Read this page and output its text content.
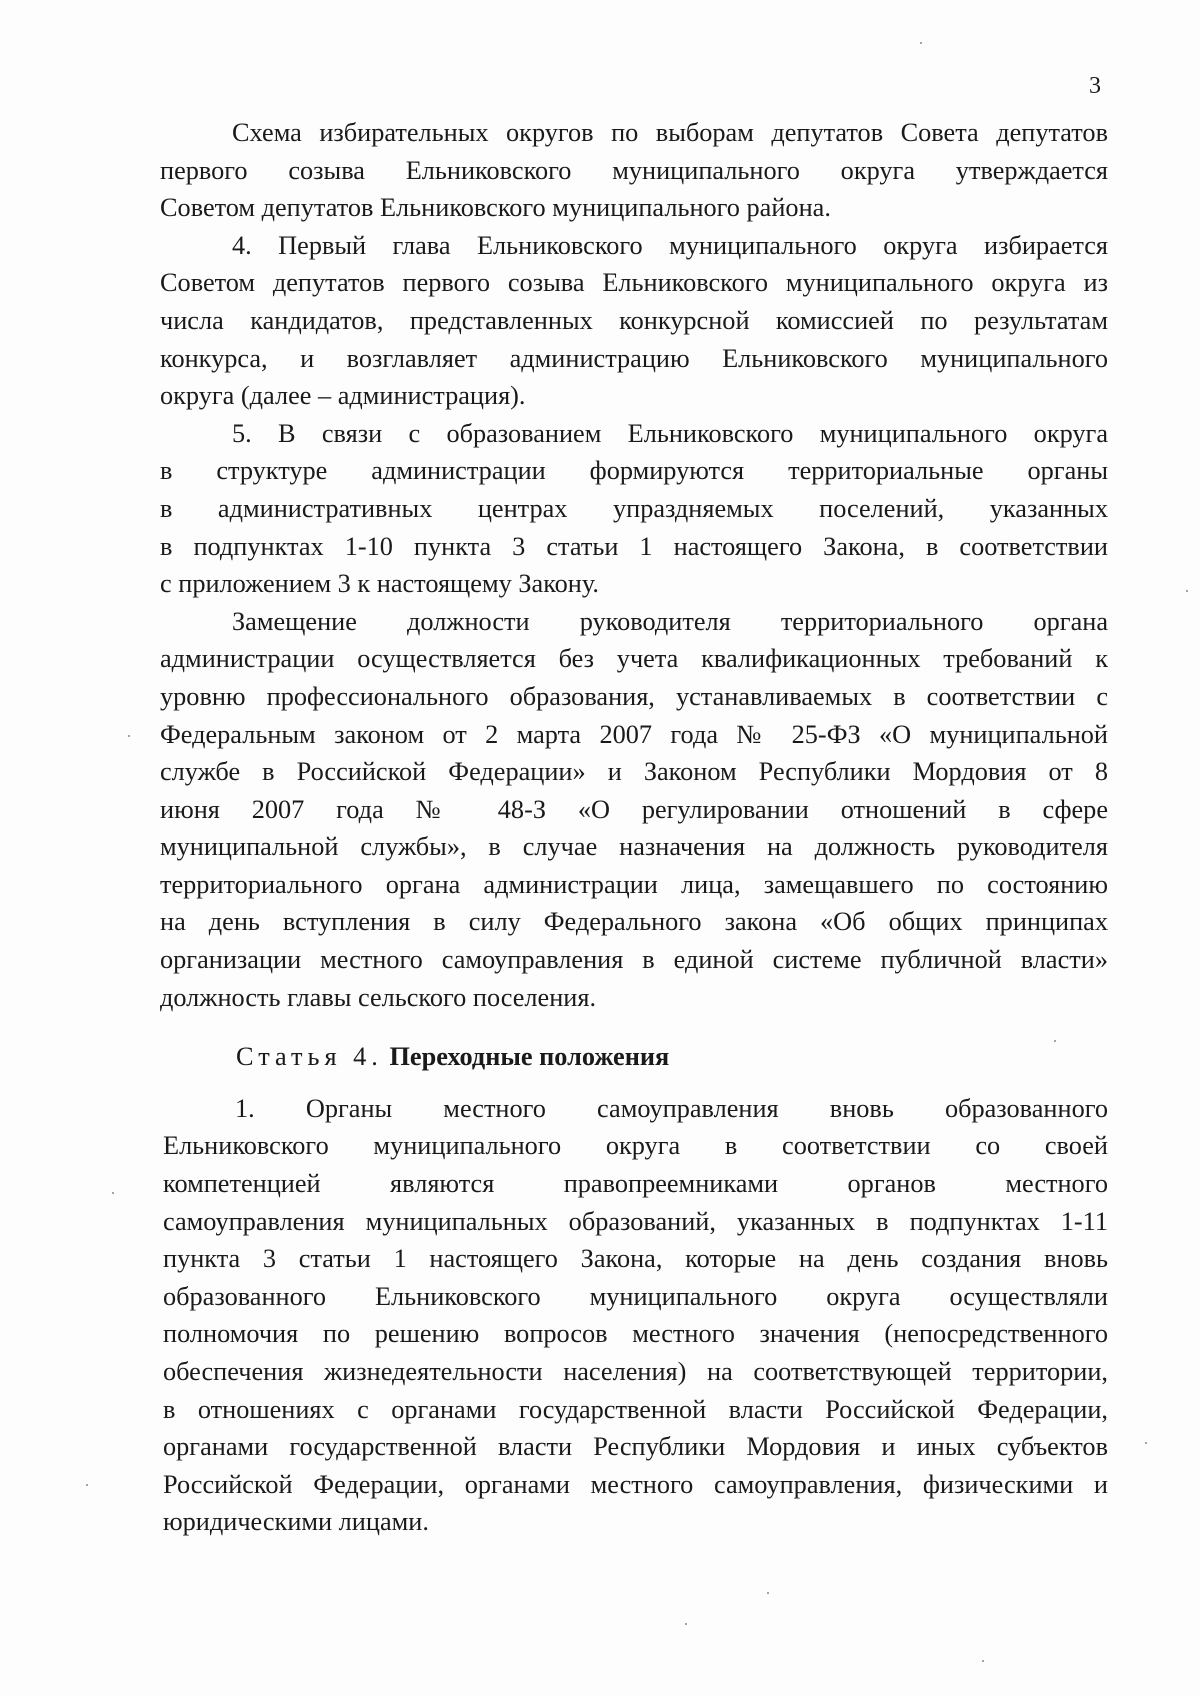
3
Схема избирательных округов по выборам депутатов Совета депутатов
первого созыва Ельниковского муниципального округа утверждается
Советом депутатов Ельниковского муниципального района.
4. Первый глава Ельниковского муниципального округа избирается
Советом депутатов первого созыва Ельниковского муниципального округа из
числа кандидатов, представленных конкурсной комиссией по результатам
конкурса, и возглавляет администрацию Ельниковского муниципального
округа (далее – администрация).
5. В связи с образованием Ельниковского муниципального округа
в структуре администрации формируются территориальные органы
в административных центрах упраздняемых поселений, указанных
в подпунктах 1-10 пункта 3 статьи 1 настоящего Закона, в соответствии
с приложением 3 к настоящему Закону.
Замещение должности руководителя территориального органа
администрации осуществляется без учета квалификационных требований к
уровню профессионального образования, устанавливаемых в соответствии с
Федеральным законом от 2 марта 2007 года № 25-ФЗ «О муниципальной
службе в Российской Федерации» и Законом Республики Мордовия от 8
июня 2007 года № 48-З «О регулировании отношений в сфере
муниципальной службы», в случае назначения на должность руководителя
территориального органа администрации лица, замещавшего по состоянию
на день вступления в силу Федерального закона «Об общих принципах
организации местного самоуправления в единой системе публичной власти»
должность главы сельского поселения.
Статья 4. Переходные положения
1. Органы местного самоуправления вновь образованного
Ельниковского муниципального округа в соответствии со своей
компетенцией являются правопреемниками органов местного
самоуправления муниципальных образований, указанных в подпунктах 1-11
пункта 3 статьи 1 настоящего Закона, которые на день создания вновь
образованного Ельниковского муниципального округа осуществляли
полномочия по решению вопросов местного значения (непосредственного
обеспечения жизнедеятельности населения) на соответствующей территории,
в отношениях с органами государственной власти Российской Федерации,
органами государственной власти Республики Мордовия и иных субъектов
Российской Федерации, органами местного самоуправления, физическими и
юридическими лицами.
